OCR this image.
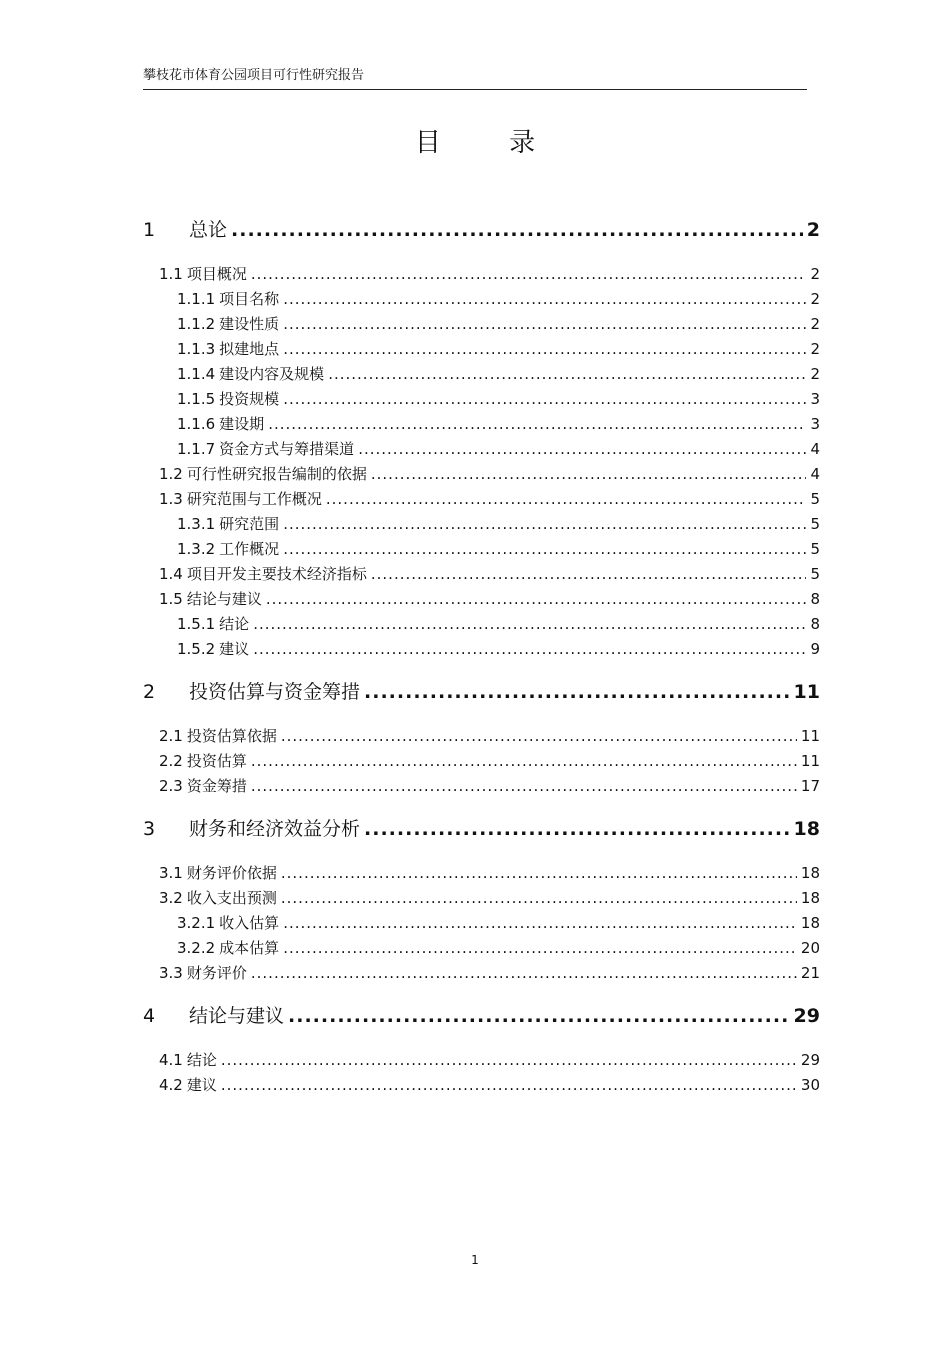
攀枝花市体育公园项目可行性研究报告
目 录
1	总论 .....	2
1.1 项目概况 .....	2
1.1.1 项目名称 .....	2
1.1.2 建设性质 .....	2
1.1.3 拟建地点 .....	2
1.1.4 建设内容及规模 .....	2
1.1.5 投资规模 .....	3
1.1.6 建设期 .....	3
1.1.7 资金方式与筹措渠道 .....	4
1.2 可行性研究报告编制的依据 .....	4
1.3 研究范围与工作概况 .....	5
1.3.1 研究范围 .....	5
1.3.2 工作概况 .....	5
1.4 项目开发主要技术经济指标 .....	5
1.5 结论与建议 .....	8
1.5.1 结论 .....	8
1.5.2 建议 .....	9
2	投资估算与资金筹措 .....	11
2.1 投资估算依据 .....	11
2.2 投资估算 .....	11
2.3 资金筹措 .....	17
3	财务和经济效益分析 .....	18
3.1 财务评价依据 .....	18
3.2 收入支出预测 .....	18
3.2.1 收入估算 .....	18
3.2.2 成本估算 .....	20
3.3 财务评价 .....	21
4	结论与建议 .....	29
4.1 结论 .....	29
4.2 建议 .....	30
1
